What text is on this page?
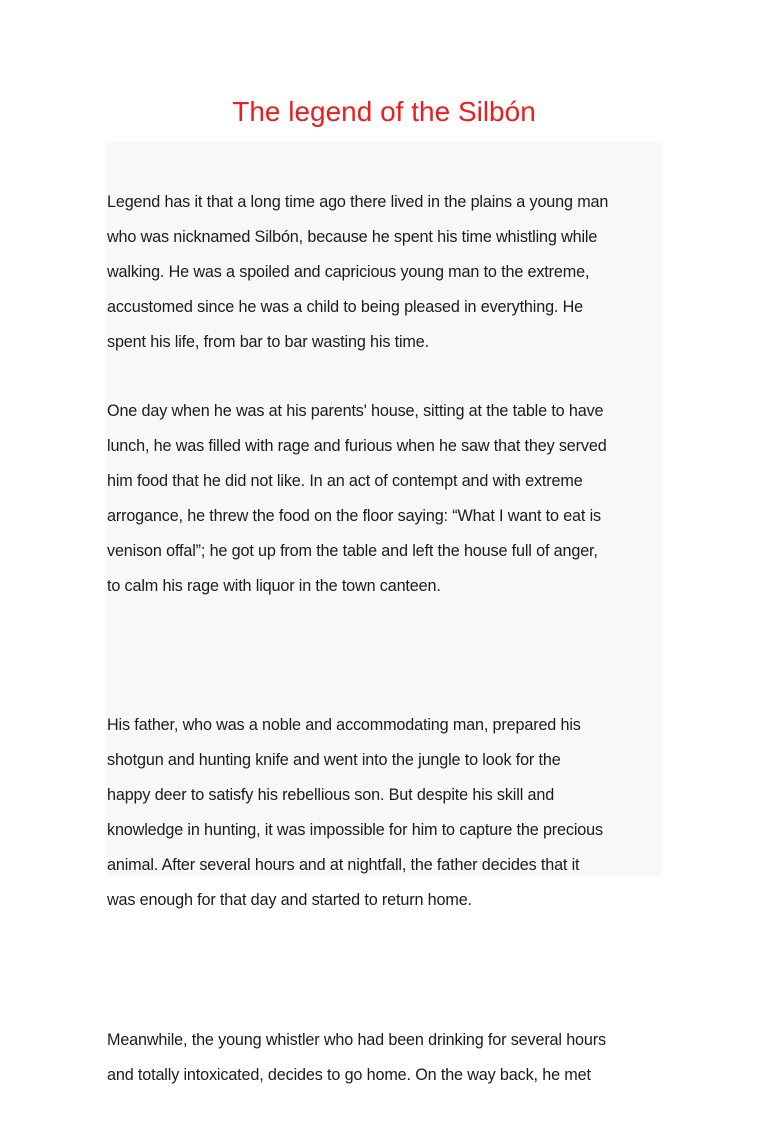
The legend of the Silbón

Legend has it that a long time ago there lived in the plains a young man
who was nicknamed Silbón, because he spent his time whistling while
walking. He was a spoiled and capricious young man to the extreme,
accustomed since he was a child to being pleased in everything. He
spent his life, from bar to bar wasting his time.

One day when he was at his parents' house, sitting at the table to have
lunch, he was filled with rage and furious when he saw that they served
him food that he did not like. In an act of contempt and with extreme
arrogance, he threw the food on the floor saying: “What I want to eat is
venison offal”; he got up from the table and left the house full of anger,
to calm his rage with liquor in the town canteen.

His father, who was a noble and accommodating man, prepared his
shotgun and hunting knife and went into the jungle to look for the
happy deer to satisfy his rebellious son. But despite his skill and
knowledge in hunting, it was impossible for him to capture the precious
animal. After several hours and at nightfall, the father decides that it
was enough for that day and started to return home.

Meanwhile, the young whistler who had been drinking for several hours
and totally intoxicated, decides to go home. On the way back, he met
